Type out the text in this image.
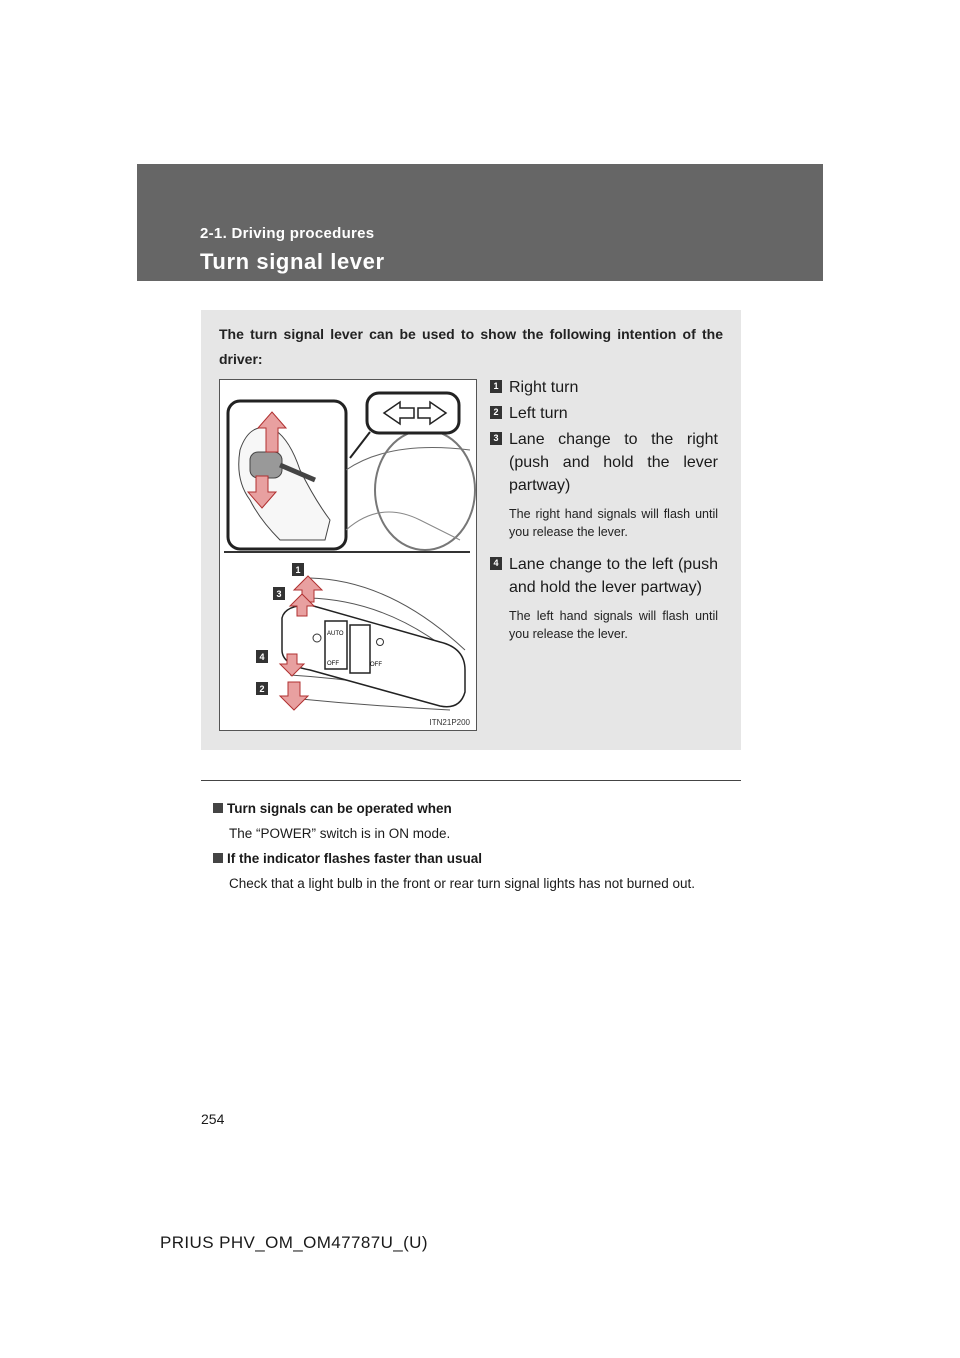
2-1. Driving procedures
Turn signal lever
The turn signal lever can be used to show the following intention of the driver:
AUTO
OFF	OFF
1
3
4
2
ITN21P200
1 Right turn
2 Left turn
3 Lane change to the right (push and hold the lever partway)
The right hand signals will flash until you release the lever.
4 Lane change to the left (push and hold the lever partway)
The left hand signals will flash until you release the lever.
Turn signals can be operated when
The “POWER” switch is in ON mode.
If the indicator flashes faster than usual
Check that a light bulb in the front or rear turn signal lights has not burned out.
254
PRIUS PHV_OM_OM47787U_(U)
